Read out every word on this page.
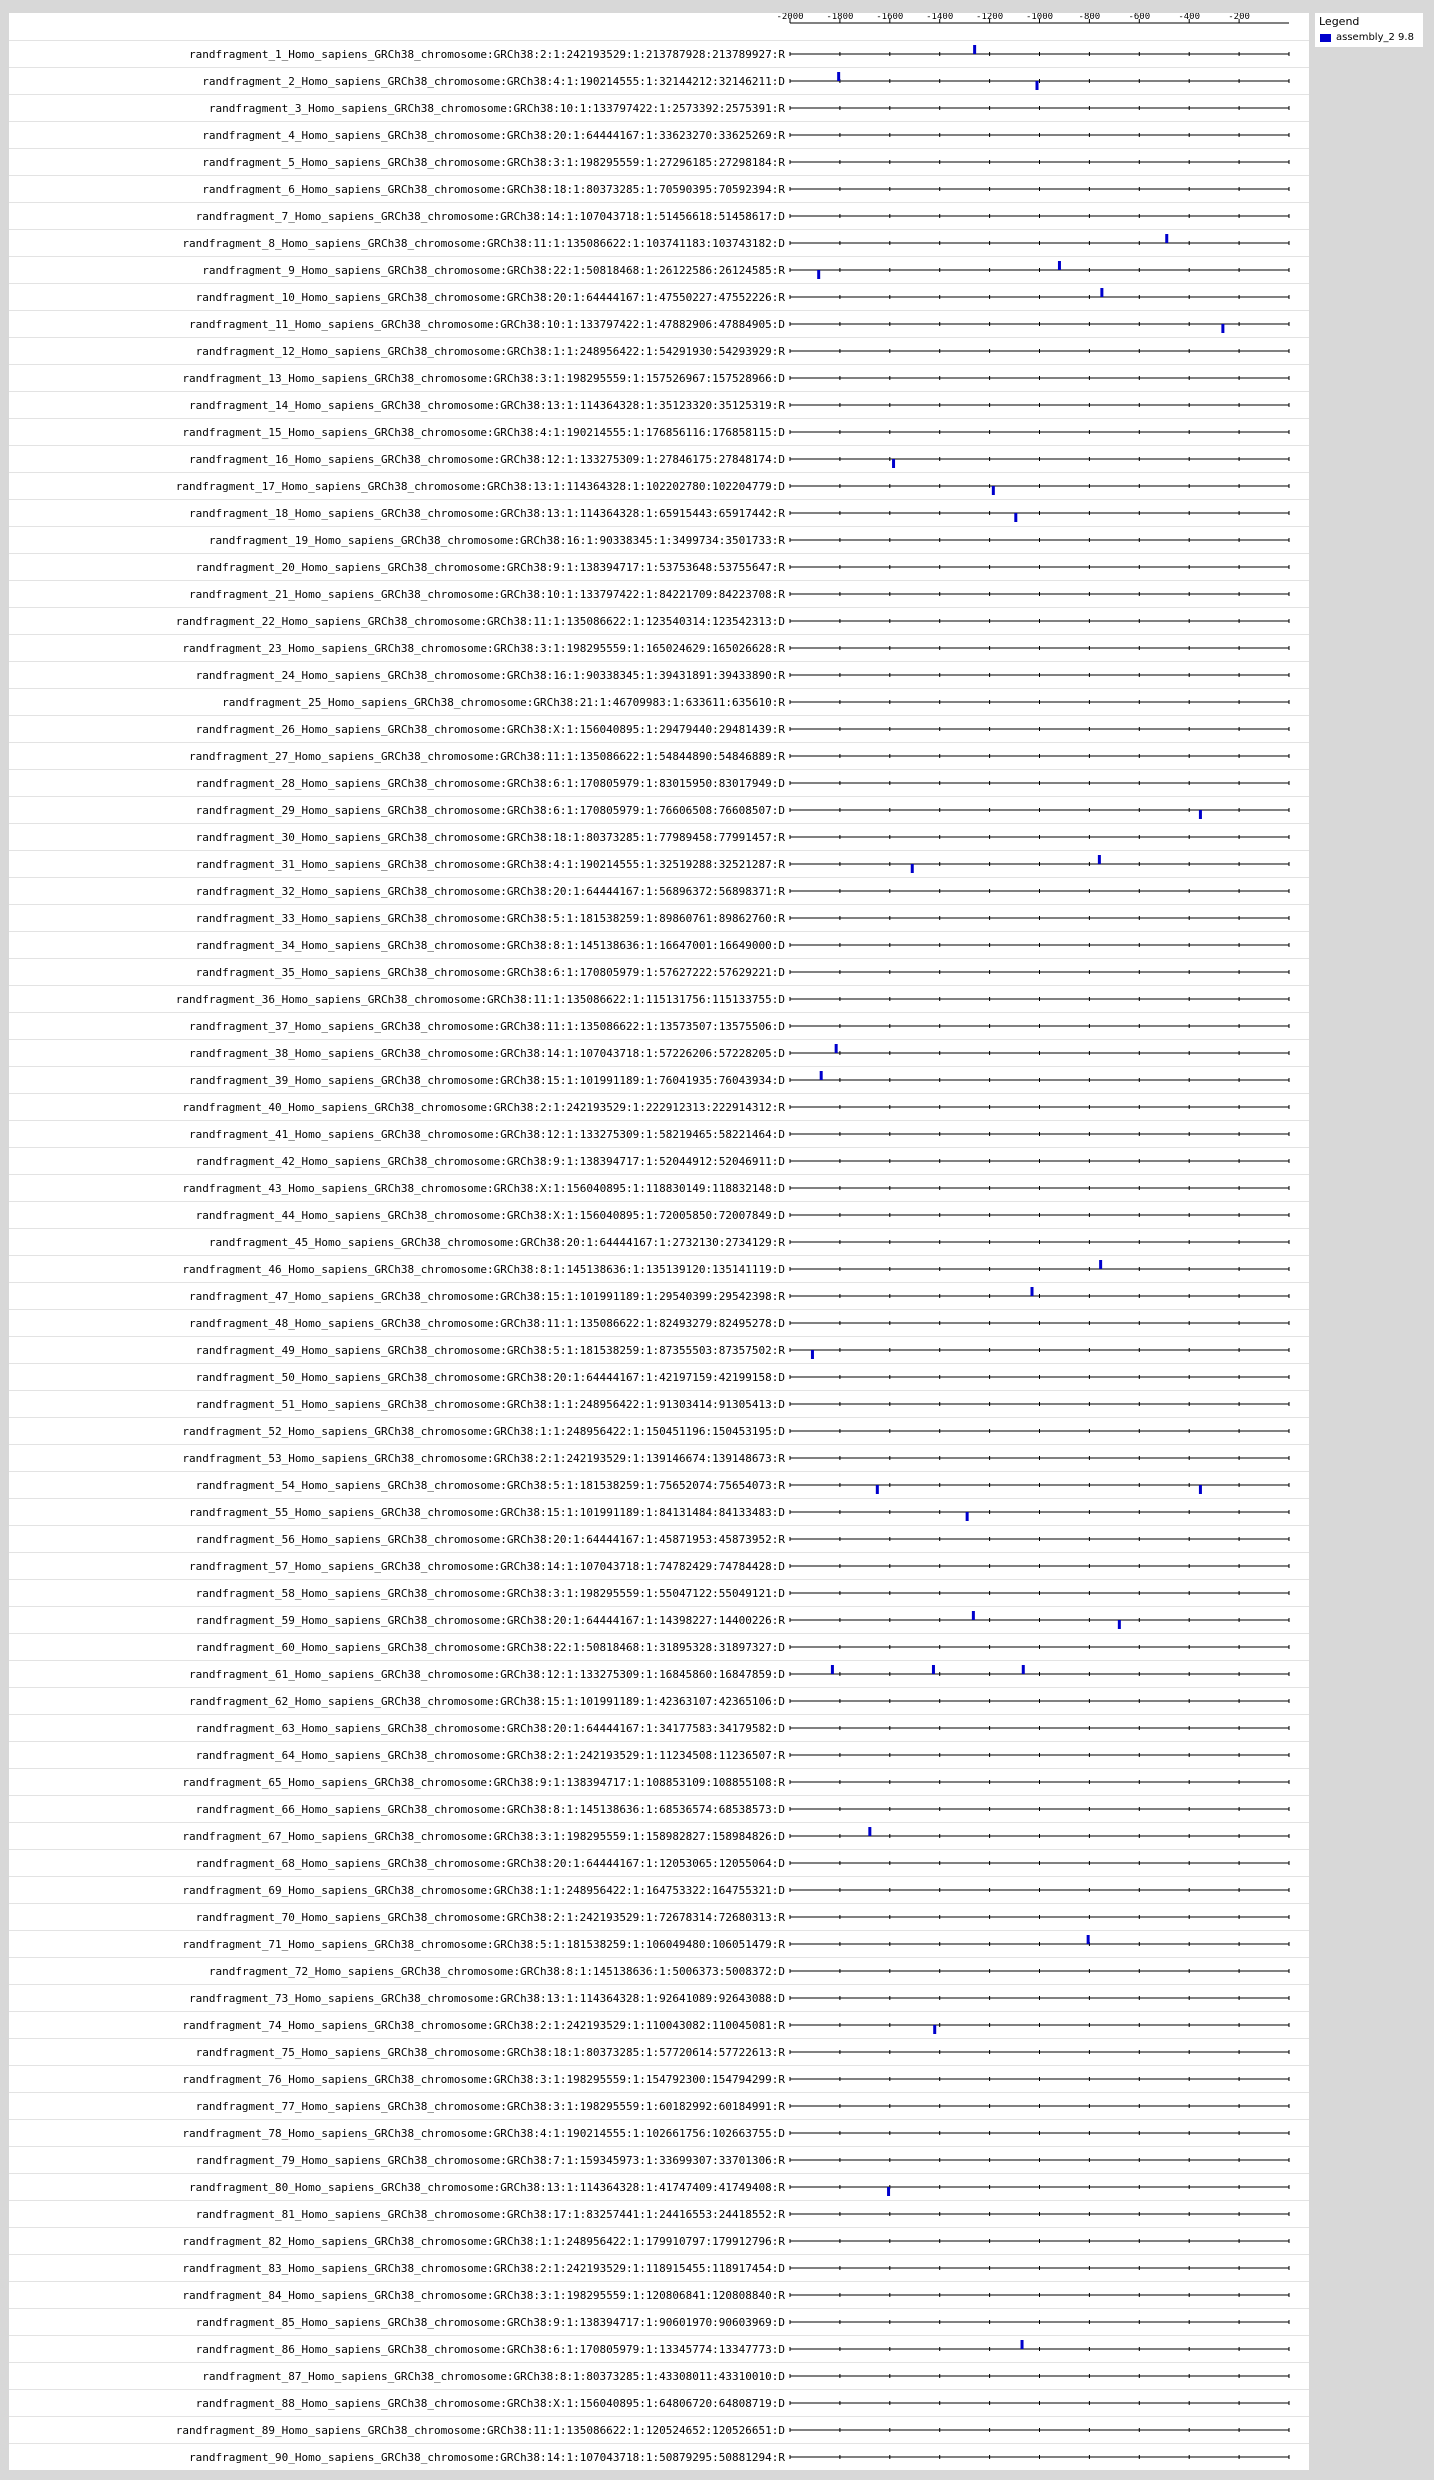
-2000	-1800	-1600	-1400	-1200	-1000	-800	-600	-400	-200
randfragment_1_Homo_sapiens_GRCh38_chromosome:GRCh38:2:1:242193529:1:213787928:213789927:R
randfragment_2_Homo_sapiens_GRCh38_chromosome:GRCh38:4:1:190214555:1:32144212:32146211:D
randfragment_3_Homo_sapiens_GRCh38_chromosome:GRCh38:10:1:133797422:1:2573392:2575391:R
randfragment_4_Homo_sapiens_GRCh38_chromosome:GRCh38:20:1:64444167:1:33623270:33625269:R
randfragment_5_Homo_sapiens_GRCh38_chromosome:GRCh38:3:1:198295559:1:27296185:27298184:R
randfragment_6_Homo_sapiens_GRCh38_chromosome:GRCh38:18:1:80373285:1:70590395:70592394:R
randfragment_7_Homo_sapiens_GRCh38_chromosome:GRCh38:14:1:107043718:1:51456618:51458617:D
randfragment_8_Homo_sapiens_GRCh38_chromosome:GRCh38:11:1:135086622:1:103741183:103743182:D
randfragment_9_Homo_sapiens_GRCh38_chromosome:GRCh38:22:1:50818468:1:26122586:26124585:R
randfragment_10_Homo_sapiens_GRCh38_chromosome:GRCh38:20:1:64444167:1:47550227:47552226:R
randfragment_11_Homo_sapiens_GRCh38_chromosome:GRCh38:10:1:133797422:1:47882906:47884905:D
randfragment_12_Homo_sapiens_GRCh38_chromosome:GRCh38:1:1:248956422:1:54291930:54293929:R
randfragment_13_Homo_sapiens_GRCh38_chromosome:GRCh38:3:1:198295559:1:157526967:157528966:D
randfragment_14_Homo_sapiens_GRCh38_chromosome:GRCh38:13:1:114364328:1:35123320:35125319:R
randfragment_15_Homo_sapiens_GRCh38_chromosome:GRCh38:4:1:190214555:1:176856116:176858115:D
randfragment_16_Homo_sapiens_GRCh38_chromosome:GRCh38:12:1:133275309:1:27846175:27848174:D
randfragment_17_Homo_sapiens_GRCh38_chromosome:GRCh38:13:1:114364328:1:102202780:102204779:D
randfragment_18_Homo_sapiens_GRCh38_chromosome:GRCh38:13:1:114364328:1:65915443:65917442:R
randfragment_19_Homo_sapiens_GRCh38_chromosome:GRCh38:16:1:90338345:1:3499734:3501733:R
randfragment_20_Homo_sapiens_GRCh38_chromosome:GRCh38:9:1:138394717:1:53753648:53755647:R
randfragment_21_Homo_sapiens_GRCh38_chromosome:GRCh38:10:1:133797422:1:84221709:84223708:R
randfragment_22_Homo_sapiens_GRCh38_chromosome:GRCh38:11:1:135086622:1:123540314:123542313:D
randfragment_23_Homo_sapiens_GRCh38_chromosome:GRCh38:3:1:198295559:1:165024629:165026628:R
randfragment_24_Homo_sapiens_GRCh38_chromosome:GRCh38:16:1:90338345:1:39431891:39433890:R
randfragment_25_Homo_sapiens_GRCh38_chromosome:GRCh38:21:1:46709983:1:633611:635610:R
randfragment_26_Homo_sapiens_GRCh38_chromosome:GRCh38:X:1:156040895:1:29479440:29481439:R
randfragment_27_Homo_sapiens_GRCh38_chromosome:GRCh38:11:1:135086622:1:54844890:54846889:R
randfragment_28_Homo_sapiens_GRCh38_chromosome:GRCh38:6:1:170805979:1:83015950:83017949:D
randfragment_29_Homo_sapiens_GRCh38_chromosome:GRCh38:6:1:170805979:1:76606508:76608507:D
randfragment_30_Homo_sapiens_GRCh38_chromosome:GRCh38:18:1:80373285:1:77989458:77991457:R
randfragment_31_Homo_sapiens_GRCh38_chromosome:GRCh38:4:1:190214555:1:32519288:32521287:R
randfragment_32_Homo_sapiens_GRCh38_chromosome:GRCh38:20:1:64444167:1:56896372:56898371:R
randfragment_33_Homo_sapiens_GRCh38_chromosome:GRCh38:5:1:181538259:1:89860761:89862760:R
randfragment_34_Homo_sapiens_GRCh38_chromosome:GRCh38:8:1:145138636:1:16647001:16649000:D
randfragment_35_Homo_sapiens_GRCh38_chromosome:GRCh38:6:1:170805979:1:57627222:57629221:D
randfragment_36_Homo_sapiens_GRCh38_chromosome:GRCh38:11:1:135086622:1:115131756:115133755:D
randfragment_37_Homo_sapiens_GRCh38_chromosome:GRCh38:11:1:135086622:1:13573507:13575506:D
randfragment_38_Homo_sapiens_GRCh38_chromosome:GRCh38:14:1:107043718:1:57226206:57228205:D
randfragment_39_Homo_sapiens_GRCh38_chromosome:GRCh38:15:1:101991189:1:76041935:76043934:D
randfragment_40_Homo_sapiens_GRCh38_chromosome:GRCh38:2:1:242193529:1:222912313:222914312:R
randfragment_41_Homo_sapiens_GRCh38_chromosome:GRCh38:12:1:133275309:1:58219465:58221464:D
randfragment_42_Homo_sapiens_GRCh38_chromosome:GRCh38:9:1:138394717:1:52044912:52046911:D
randfragment_43_Homo_sapiens_GRCh38_chromosome:GRCh38:X:1:156040895:1:118830149:118832148:D
randfragment_44_Homo_sapiens_GRCh38_chromosome:GRCh38:X:1:156040895:1:72005850:72007849:D
randfragment_45_Homo_sapiens_GRCh38_chromosome:GRCh38:20:1:64444167:1:2732130:2734129:R
randfragment_46_Homo_sapiens_GRCh38_chromosome:GRCh38:8:1:145138636:1:135139120:135141119:D
randfragment_47_Homo_sapiens_GRCh38_chromosome:GRCh38:15:1:101991189:1:29540399:29542398:R
randfragment_48_Homo_sapiens_GRCh38_chromosome:GRCh38:11:1:135086622:1:82493279:82495278:D
randfragment_49_Homo_sapiens_GRCh38_chromosome:GRCh38:5:1:181538259:1:87355503:87357502:R
randfragment_50_Homo_sapiens_GRCh38_chromosome:GRCh38:20:1:64444167:1:42197159:42199158:D
randfragment_51_Homo_sapiens_GRCh38_chromosome:GRCh38:1:1:248956422:1:91303414:91305413:D
randfragment_52_Homo_sapiens_GRCh38_chromosome:GRCh38:1:1:248956422:1:150451196:150453195:D
randfragment_53_Homo_sapiens_GRCh38_chromosome:GRCh38:2:1:242193529:1:139146674:139148673:R
randfragment_54_Homo_sapiens_GRCh38_chromosome:GRCh38:5:1:181538259:1:75652074:75654073:R
randfragment_55_Homo_sapiens_GRCh38_chromosome:GRCh38:15:1:101991189:1:84131484:84133483:D
randfragment_56_Homo_sapiens_GRCh38_chromosome:GRCh38:20:1:64444167:1:45871953:45873952:R
randfragment_57_Homo_sapiens_GRCh38_chromosome:GRCh38:14:1:107043718:1:74782429:74784428:D
randfragment_58_Homo_sapiens_GRCh38_chromosome:GRCh38:3:1:198295559:1:55047122:55049121:D
randfragment_59_Homo_sapiens_GRCh38_chromosome:GRCh38:20:1:64444167:1:14398227:14400226:R
randfragment_60_Homo_sapiens_GRCh38_chromosome:GRCh38:22:1:50818468:1:31895328:31897327:D
randfragment_61_Homo_sapiens_GRCh38_chromosome:GRCh38:12:1:133275309:1:16845860:16847859:D
randfragment_62_Homo_sapiens_GRCh38_chromosome:GRCh38:15:1:101991189:1:42363107:42365106:D
randfragment_63_Homo_sapiens_GRCh38_chromosome:GRCh38:20:1:64444167:1:34177583:34179582:D
randfragment_64_Homo_sapiens_GRCh38_chromosome:GRCh38:2:1:242193529:1:11234508:11236507:R
randfragment_65_Homo_sapiens_GRCh38_chromosome:GRCh38:9:1:138394717:1:108853109:108855108:R
randfragment_66_Homo_sapiens_GRCh38_chromosome:GRCh38:8:1:145138636:1:68536574:68538573:D
randfragment_67_Homo_sapiens_GRCh38_chromosome:GRCh38:3:1:198295559:1:158982827:158984826:D
randfragment_68_Homo_sapiens_GRCh38_chromosome:GRCh38:20:1:64444167:1:12053065:12055064:D
randfragment_69_Homo_sapiens_GRCh38_chromosome:GRCh38:1:1:248956422:1:164753322:164755321:D
randfragment_70_Homo_sapiens_GRCh38_chromosome:GRCh38:2:1:242193529:1:72678314:72680313:R
randfragment_71_Homo_sapiens_GRCh38_chromosome:GRCh38:5:1:181538259:1:106049480:106051479:R
randfragment_72_Homo_sapiens_GRCh38_chromosome:GRCh38:8:1:145138636:1:5006373:5008372:D
randfragment_73_Homo_sapiens_GRCh38_chromosome:GRCh38:13:1:114364328:1:92641089:92643088:D
randfragment_74_Homo_sapiens_GRCh38_chromosome:GRCh38:2:1:242193529:1:110043082:110045081:R
randfragment_75_Homo_sapiens_GRCh38_chromosome:GRCh38:18:1:80373285:1:57720614:57722613:R
randfragment_76_Homo_sapiens_GRCh38_chromosome:GRCh38:3:1:198295559:1:154792300:154794299:R
randfragment_77_Homo_sapiens_GRCh38_chromosome:GRCh38:3:1:198295559:1:60182992:60184991:R
randfragment_78_Homo_sapiens_GRCh38_chromosome:GRCh38:4:1:190214555:1:102661756:102663755:D
randfragment_79_Homo_sapiens_GRCh38_chromosome:GRCh38:7:1:159345973:1:33699307:33701306:R
randfragment_80_Homo_sapiens_GRCh38_chromosome:GRCh38:13:1:114364328:1:41747409:41749408:R
randfragment_81_Homo_sapiens_GRCh38_chromosome:GRCh38:17:1:83257441:1:24416553:24418552:R
randfragment_82_Homo_sapiens_GRCh38_chromosome:GRCh38:1:1:248956422:1:179910797:179912796:R
randfragment_83_Homo_sapiens_GRCh38_chromosome:GRCh38:2:1:242193529:1:118915455:118917454:D
randfragment_84_Homo_sapiens_GRCh38_chromosome:GRCh38:3:1:198295559:1:120806841:120808840:R
randfragment_85_Homo_sapiens_GRCh38_chromosome:GRCh38:9:1:138394717:1:90601970:90603969:D
randfragment_86_Homo_sapiens_GRCh38_chromosome:GRCh38:6:1:170805979:1:13345774:13347773:D
randfragment_87_Homo_sapiens_GRCh38_chromosome:GRCh38:8:1:80373285:1:43308011:43310010:D
randfragment_88_Homo_sapiens_GRCh38_chromosome:GRCh38:X:1:156040895:1:64806720:64808719:D
randfragment_89_Homo_sapiens_GRCh38_chromosome:GRCh38:11:1:135086622:1:120524652:120526651:D
randfragment_90_Homo_sapiens_GRCh38_chromosome:GRCh38:14:1:107043718:1:50879295:50881294:R
Legend
assembly_2 9.8
